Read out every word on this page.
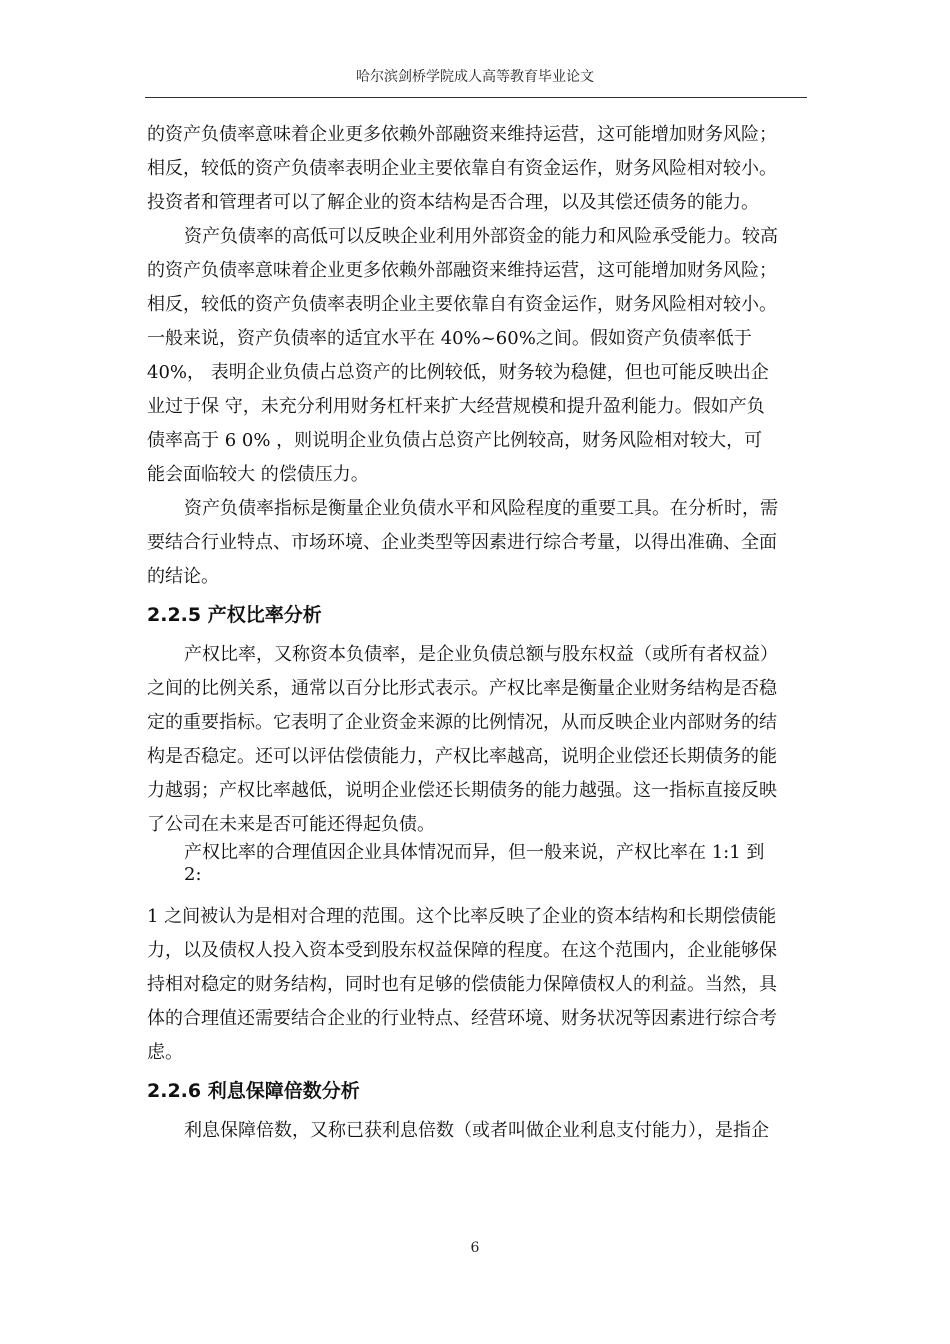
哈尔滨剑桥学院成人高等教育毕业论文
的资产负债率意味着企业更多依赖外部融资来维持运营，这可能增加财务风险；
相反，较低的资产负债率表明企业主要依靠自有资金运作，财务风险相对较小。
投资者和管理者可以了解企业的资本结构是否合理，以及其偿还债务的能力。
资产负债率的高低可以反映企业利用外部资金的能力和风险承受能力。较高
的资产负债率意味着企业更多依赖外部融资来维持运营，这可能增加财务风险；
相反，较低的资产负债率表明企业主要依靠自有资金运作，财务风险相对较小。
一般来说，资产负债率的适宜水平在 40%~60%之间。假如资产负债率低于
40%， 表明企业负债占总资产的比例较低，财务较为稳健，但也可能反映出企
业过于保 守，未充分利用财务杠杆来扩大经营规模和提升盈利能力。假如产负
债率高于 6 0% ，则说明企业负债占总资产比例较高，财务风险相对较大，可
能会面临较大 的偿债压力。
资产负债率指标是衡量企业负债水平和风险程度的重要工具。在分析时，需
要结合行业特点、市场环境、企业类型等因素进行综合考量，以得出准确、全面
的结论。
2.2.5 产权比率分析
产权比率，又称资本负债率，是企业负债总额与股东权益（或所有者权益）
之间的比例关系，通常以百分比形式表示。产权比率是衡量企业财务结构是否稳
定的重要指标。它表明了企业资金来源的比例情况，从而反映企业内部财务的结
构是否稳定。还可以评估偿债能力，产权比率越高，说明企业偿还长期债务的能
力越弱；产权比率越低，说明企业偿还长期债务的能力越强。这一指标直接反映
了公司在未来是否可能还得起负债。
产权比率的合理值因企业具体情况而异，但一般来说，产权比率在 1:1 到
2:
1 之间被认为是相对合理的范围。这个比率反映了企业的资本结构和长期偿债能
力，以及债权人投入资本受到股东权益保障的程度。在这个范围内，企业能够保
持相对稳定的财务结构，同时也有足够的偿债能力保障债权人的利益。当然，具
体的合理值还需要结合企业的行业特点、经营环境、财务状况等因素进行综合考
虑。
2.2.6 利息保障倍数分析
利息保障倍数，又称已获利息倍数（或者叫做企业利息支付能力），是指企
6
